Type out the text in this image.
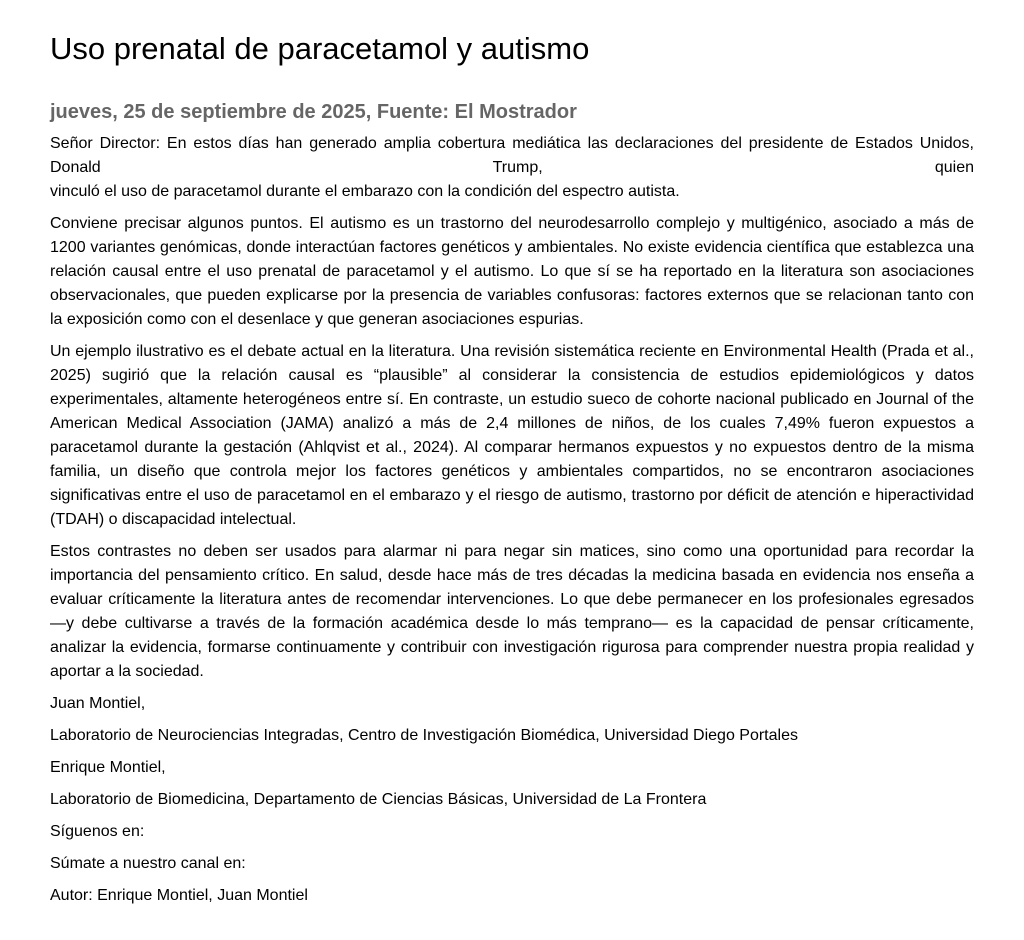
Uso prenatal de paracetamol y autismo
jueves, 25 de septiembre de 2025, Fuente: El Mostrador

Señor Director: En estos días han generado amplia cobertura mediática las declaraciones del presidente de Estados Unidos, Donald Trump, quien
vinculó el uso de paracetamol durante el embarazo con la condición del espectro autista.

Conviene precisar algunos puntos. El autismo es un trastorno del neurodesarrollo complejo y multigénico, asociado a más de 1200 variantes genómicas, donde interactúan factores genéticos y ambientales. No existe evidencia científica que establezca una relación causal entre el uso prenatal de paracetamol y el autismo. Lo que sí se ha reportado en la literatura son asociaciones observacionales, que pueden explicarse por la presencia de variables confusoras: factores externos que se relacionan tanto con la exposición como con el desenlace y que generan asociaciones espurias.

Un ejemplo ilustrativo es el debate actual en la literatura. Una revisión sistemática reciente en Environmental Health (Prada et al., 2025) sugirió que la relación causal es “plausible” al considerar la consistencia de estudios epidemiológicos y datos experimentales, altamente heterogéneos entre sí. En contraste, un estudio sueco de cohorte nacional publicado en Journal of the American Medical Association (JAMA) analizó a más de 2,4 millones de niños, de los cuales 7,49% fueron expuestos a paracetamol durante la gestación (Ahlqvist et al., 2024). Al comparar hermanos expuestos y no expuestos dentro de la misma familia, un diseño que controla mejor los factores genéticos y ambientales compartidos, no se encontraron asociaciones significativas entre el uso de paracetamol en el embarazo y el riesgo de autismo, trastorno por déficit de atención e hiperactividad (TDAH) o discapacidad intelectual.

Estos contrastes no deben ser usados para alarmar ni para negar sin matices, sino como una oportunidad para recordar la importancia del pensamiento crítico. En salud, desde hace más de tres décadas la medicina basada en evidencia nos enseña a evaluar críticamente la literatura antes de recomendar intervenciones. Lo que debe permanecer en los profesionales egresados —y debe cultivarse a través de la formación académica desde lo más temprano— es la capacidad de pensar críticamente, analizar la evidencia, formarse continuamente y contribuir con investigación rigurosa para comprender nuestra propia realidad y aportar a la sociedad.

Juan Montiel,

Laboratorio de Neurociencias Integradas, Centro de Investigación Biomédica, Universidad Diego Portales

Enrique Montiel,

Laboratorio de Biomedicina, Departamento de Ciencias Básicas, Universidad de La Frontera

Síguenos en:

Súmate a nuestro canal en:

Autor: Enrique Montiel, Juan Montiel
